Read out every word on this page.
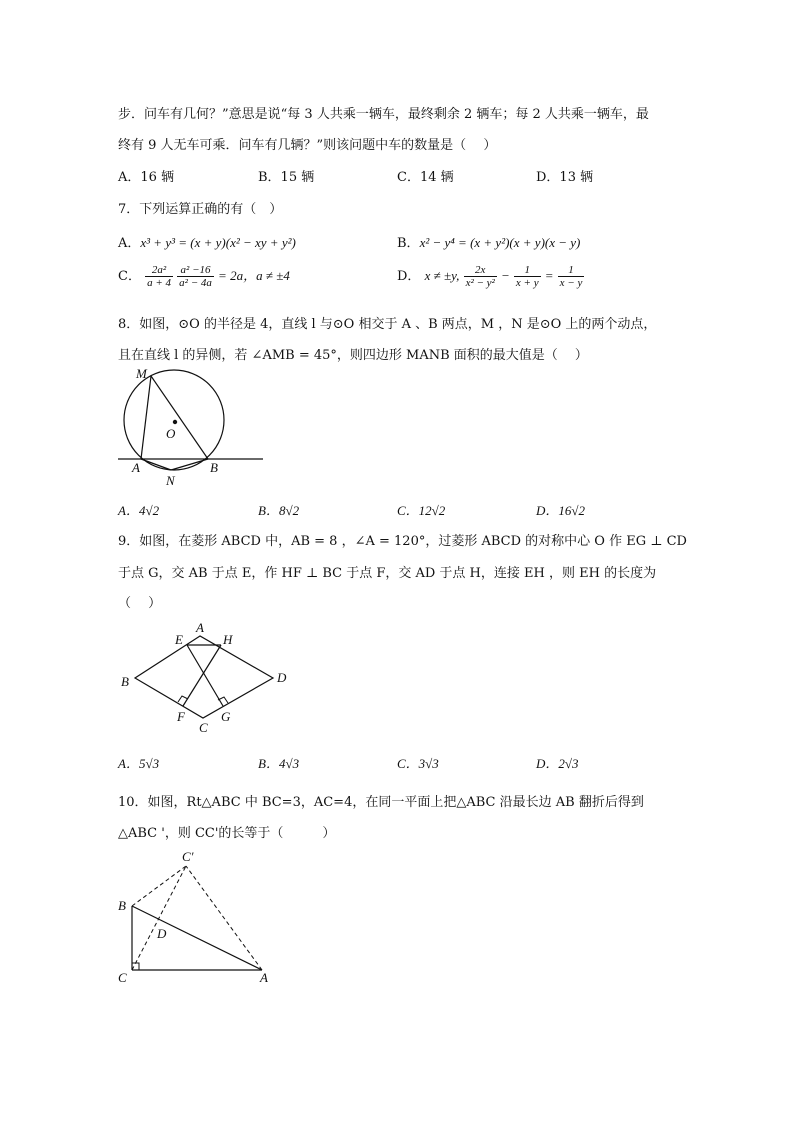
步．问车有几何？”意思是说“每 3 人共乘一辆车，最终剩余 2 辆车；每 2 人共乘一辆车，最
终有 9 人无车可乘．问车有几辆？”则该问题中车的数量是（　 ）
A．16 辆	B．15 辆	C．14 辆	D．13 辆
7．下列运算正确的有（　）
A．x³ + y³ = (x + y)(x² − xy + y²)	B．x² − y⁴ = (x + y²)(x + y)(x − y)
C． $\frac{\text{2a²}}{a + 4}$
$\frac{\text{a² −16}}{\text{a² − 4a}} = 2a$，a ≠ ±4	D． x ≠ ±y, $\frac{2x}{\text{x² − y²}} - \frac{1}{x + y} = \frac{1}{x - y}$
8．如图，⊙O 的半径是 4，直线 l 与⊙O 相交于 A 、B 两点，M ，N 是⊙O 上的两个动点，
且在直线 l 的异侧，若 ∠AMB = 45°，则四边形 MANB 面积的最大值是（　 ）
M
O
A
N
B
A．4√2	B．8√2	C．12√2	D．16√2
9．如图，在菱形 ABCD 中，AB = 8 ，∠A = 120°，过菱形 ABCD 的对称中心 O 作 EG ⊥ CD
于点 G，交 AB 于点 E，作 HF ⊥ BC 于点 F，交 AD 于点 H，连接 EH ，则 EH 的长度为
（　 ）
A
E	H
B	D
F	G
C
A．5√3	B．4√3	C．3√3	D．2√3
10．如图，Rt△ABC 中 BC=3，AC=4，在同一平面上把△ABC 沿最长边 AB 翻折后得到
△ABC '，则 CC'的长等于（　　　）
C′
B
D
C	A
